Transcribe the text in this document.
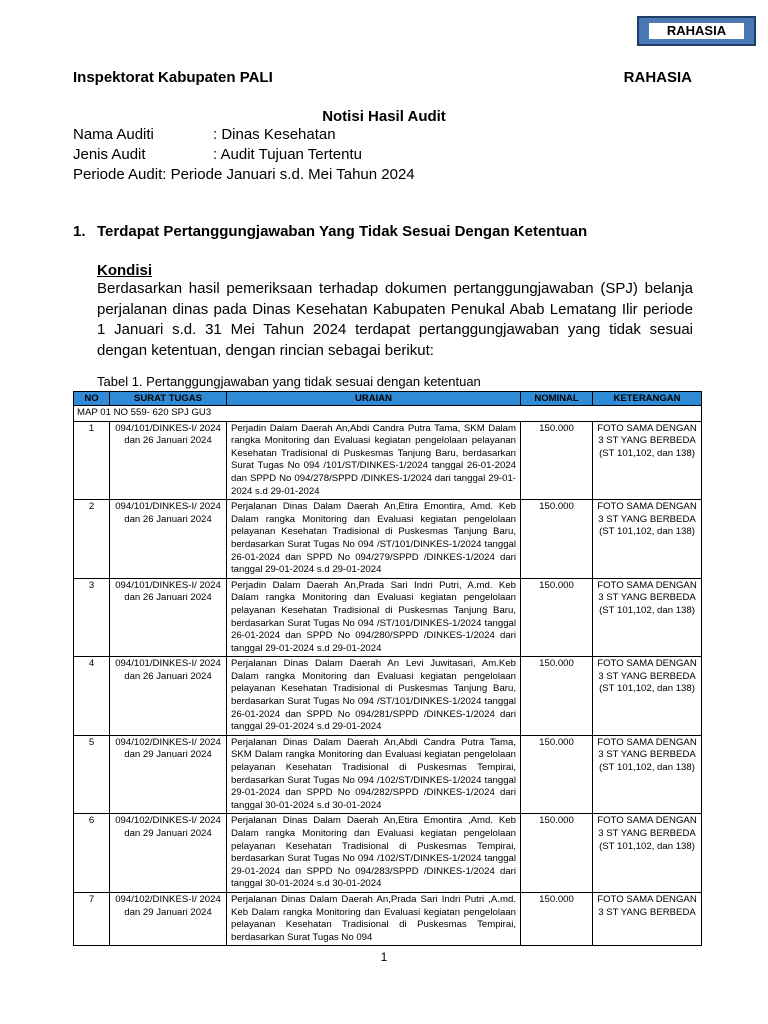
RAHASIA
Inspektorat Kabupaten PALI	RAHASIA
Notisi Hasil Audit
Nama Auditi	: Dinas Kesehatan
Jenis Audit	: Audit Tujuan Tertentu
Periode Audit: Periode Januari s.d. Mei Tahun 2024
1. Terdapat Pertanggungjawaban Yang Tidak Sesuai Dengan Ketentuan
Kondisi
Berdasarkan hasil pemeriksaan terhadap dokumen pertanggungjawaban (SPJ) belanja perjalanan dinas pada Dinas Kesehatan Kabupaten Penukal Abab Lematang Ilir periode 1 Januari s.d. 31 Mei Tahun 2024 terdapat pertanggungjawaban yang tidak sesuai dengan ketentuan, dengan rincian sebagai berikut:
Tabel 1. Pertanggungjawaban yang tidak sesuai dengan ketentuan
NO	SURAT TUGAS	URAIAN	NOMINAL	KETERANGAN
MAP 01 NO 559- 620 SPJ GU3				
1	094/101/DINKES-I/ 2024 dan 26 Januari 2024	Perjadin Dalam Daerah An,Abdi Candra Putra Tama, SKM Dalam rangka Monitoring dan Evaluasi kegiatan pengelolaan pelayanan Kesehatan Tradisional di Puskesmas Tanjung Baru, berdasarkan Surat Tugas No 094 /101/ST/DINKES-1/2024 tanggal 26-01-2024 dan SPPD No 094/278/SPPD /DINKES-1/2024 dari tanggal 29-01-2024 s.d 29-01-2024	150.000	FOTO SAMA DENGAN 3 ST YANG BERBEDA (ST 101,102, dan 138)
2	094/101/DINKES-I/ 2024 dan 26 Januari 2024	Perjalanan Dinas Dalam Daerah An,Etira Emontira, Amd. Keb Dalam rangka Monitoring dan Evaluasi kegiatan pengelolaan pelayanan Kesehatan Tradisional di Puskesmas Tanjung Baru, berdasarkan Surat Tugas No 094 /ST/101/DINKES-1/2024 tanggal 26-01-2024 dan SPPD No 094/279/SPPD /DINKES-1/2024 dari tanggal 29-01-2024 s.d 29-01-2024	150.000	FOTO SAMA DENGAN 3 ST YANG BERBEDA (ST 101,102, dan 138)
3	094/101/DINKES-I/ 2024 dan 26 Januari 2024	Perjadin Dalam Daerah An,Prada Sari Indri Putri, A.md. Keb Dalam rangka Monitoring dan Evaluasi kegiatan pengelolaan pelayanan Kesehatan Tradisional di Puskesmas Tanjung Baru, berdasarkan Surat Tugas No 094 /ST/101/DINKES-1/2024 tanggal 26-01-2024 dan SPPD No 094/280/SPPD /DINKES-1/2024 dari tanggal 29-01-2024 s.d 29-01-2024	150.000	FOTO SAMA DENGAN 3 ST YANG BERBEDA (ST 101,102, dan 138)
4	094/101/DINKES-I/ 2024 dan 26 Januari 2024	Perjalanan Dinas Dalam Daerah An Levi Juwitasari, Am.Keb Dalam rangka Monitoring dan Evaluasi kegiatan pengelolaan pelayanan Kesehatan Tradisional di Puskesmas Tanjung Baru, berdasarkan Surat Tugas No 094 /ST/101/DINKES-1/2024 tanggal 26-01-2024 dan SPPD No 094/281/SPPD /DINKES-1/2024 dari tanggal 29-01-2024 s.d 29-01-2024	150.000	FOTO SAMA DENGAN 3 ST YANG BERBEDA (ST 101,102, dan 138)
5	094/102/DINKES-I/ 2024 dan 29 Januari 2024	Perjalanan Dinas Dalam Daerah An,Abdi Candra Putra Tama, SKM Dalam rangka Monitoring dan Evaluasi kegiatan pengelolaan pelayanan Kesehatan Tradisional di Puskesmas Tempirai, berdasarkan Surat Tugas No 094 /102/ST/DINKES-1/2024 tanggal 29-01-2024 dan SPPD No 094/282/SPPD /DINKES-1/2024 dari tanggal 30-01-2024 s.d 30-01-2024	150.000	FOTO SAMA DENGAN 3 ST YANG BERBEDA (ST 101,102, dan 138)
6	094/102/DINKES-I/ 2024 dan 29 Januari 2024	Perjalanan Dinas Dalam Daerah An,Etira Emontira ,Amd. Keb Dalam rangka Monitoring dan Evaluasi kegiatan pengelolaan pelayanan Kesehatan Tradisional di Puskesmas Tempirai, berdasarkan Surat Tugas No 094 /102/ST/DINKES-1/2024 tanggal 29-01-2024 dan SPPD No 094/283/SPPD /DINKES-1/2024 dari tanggal 30-01-2024 s.d 30-01-2024	150.000	FOTO SAMA DENGAN 3 ST YANG BERBEDA (ST 101,102, dan 138)
7	094/102/DINKES-I/ 2024 dan 29 Januari 2024	Perjalanan Dinas Dalam Daerah An,Prada Sari Indri Putri ,A.md. Keb Dalam rangka Monitoring dan Evaluasi kegiatan pengelolaan pelayanan Kesehatan Tradisional di Puskesmas Tempirai, berdasarkan Surat Tugas No 094	150.000	FOTO SAMA DENGAN 3 ST YANG BERBEDA
1
